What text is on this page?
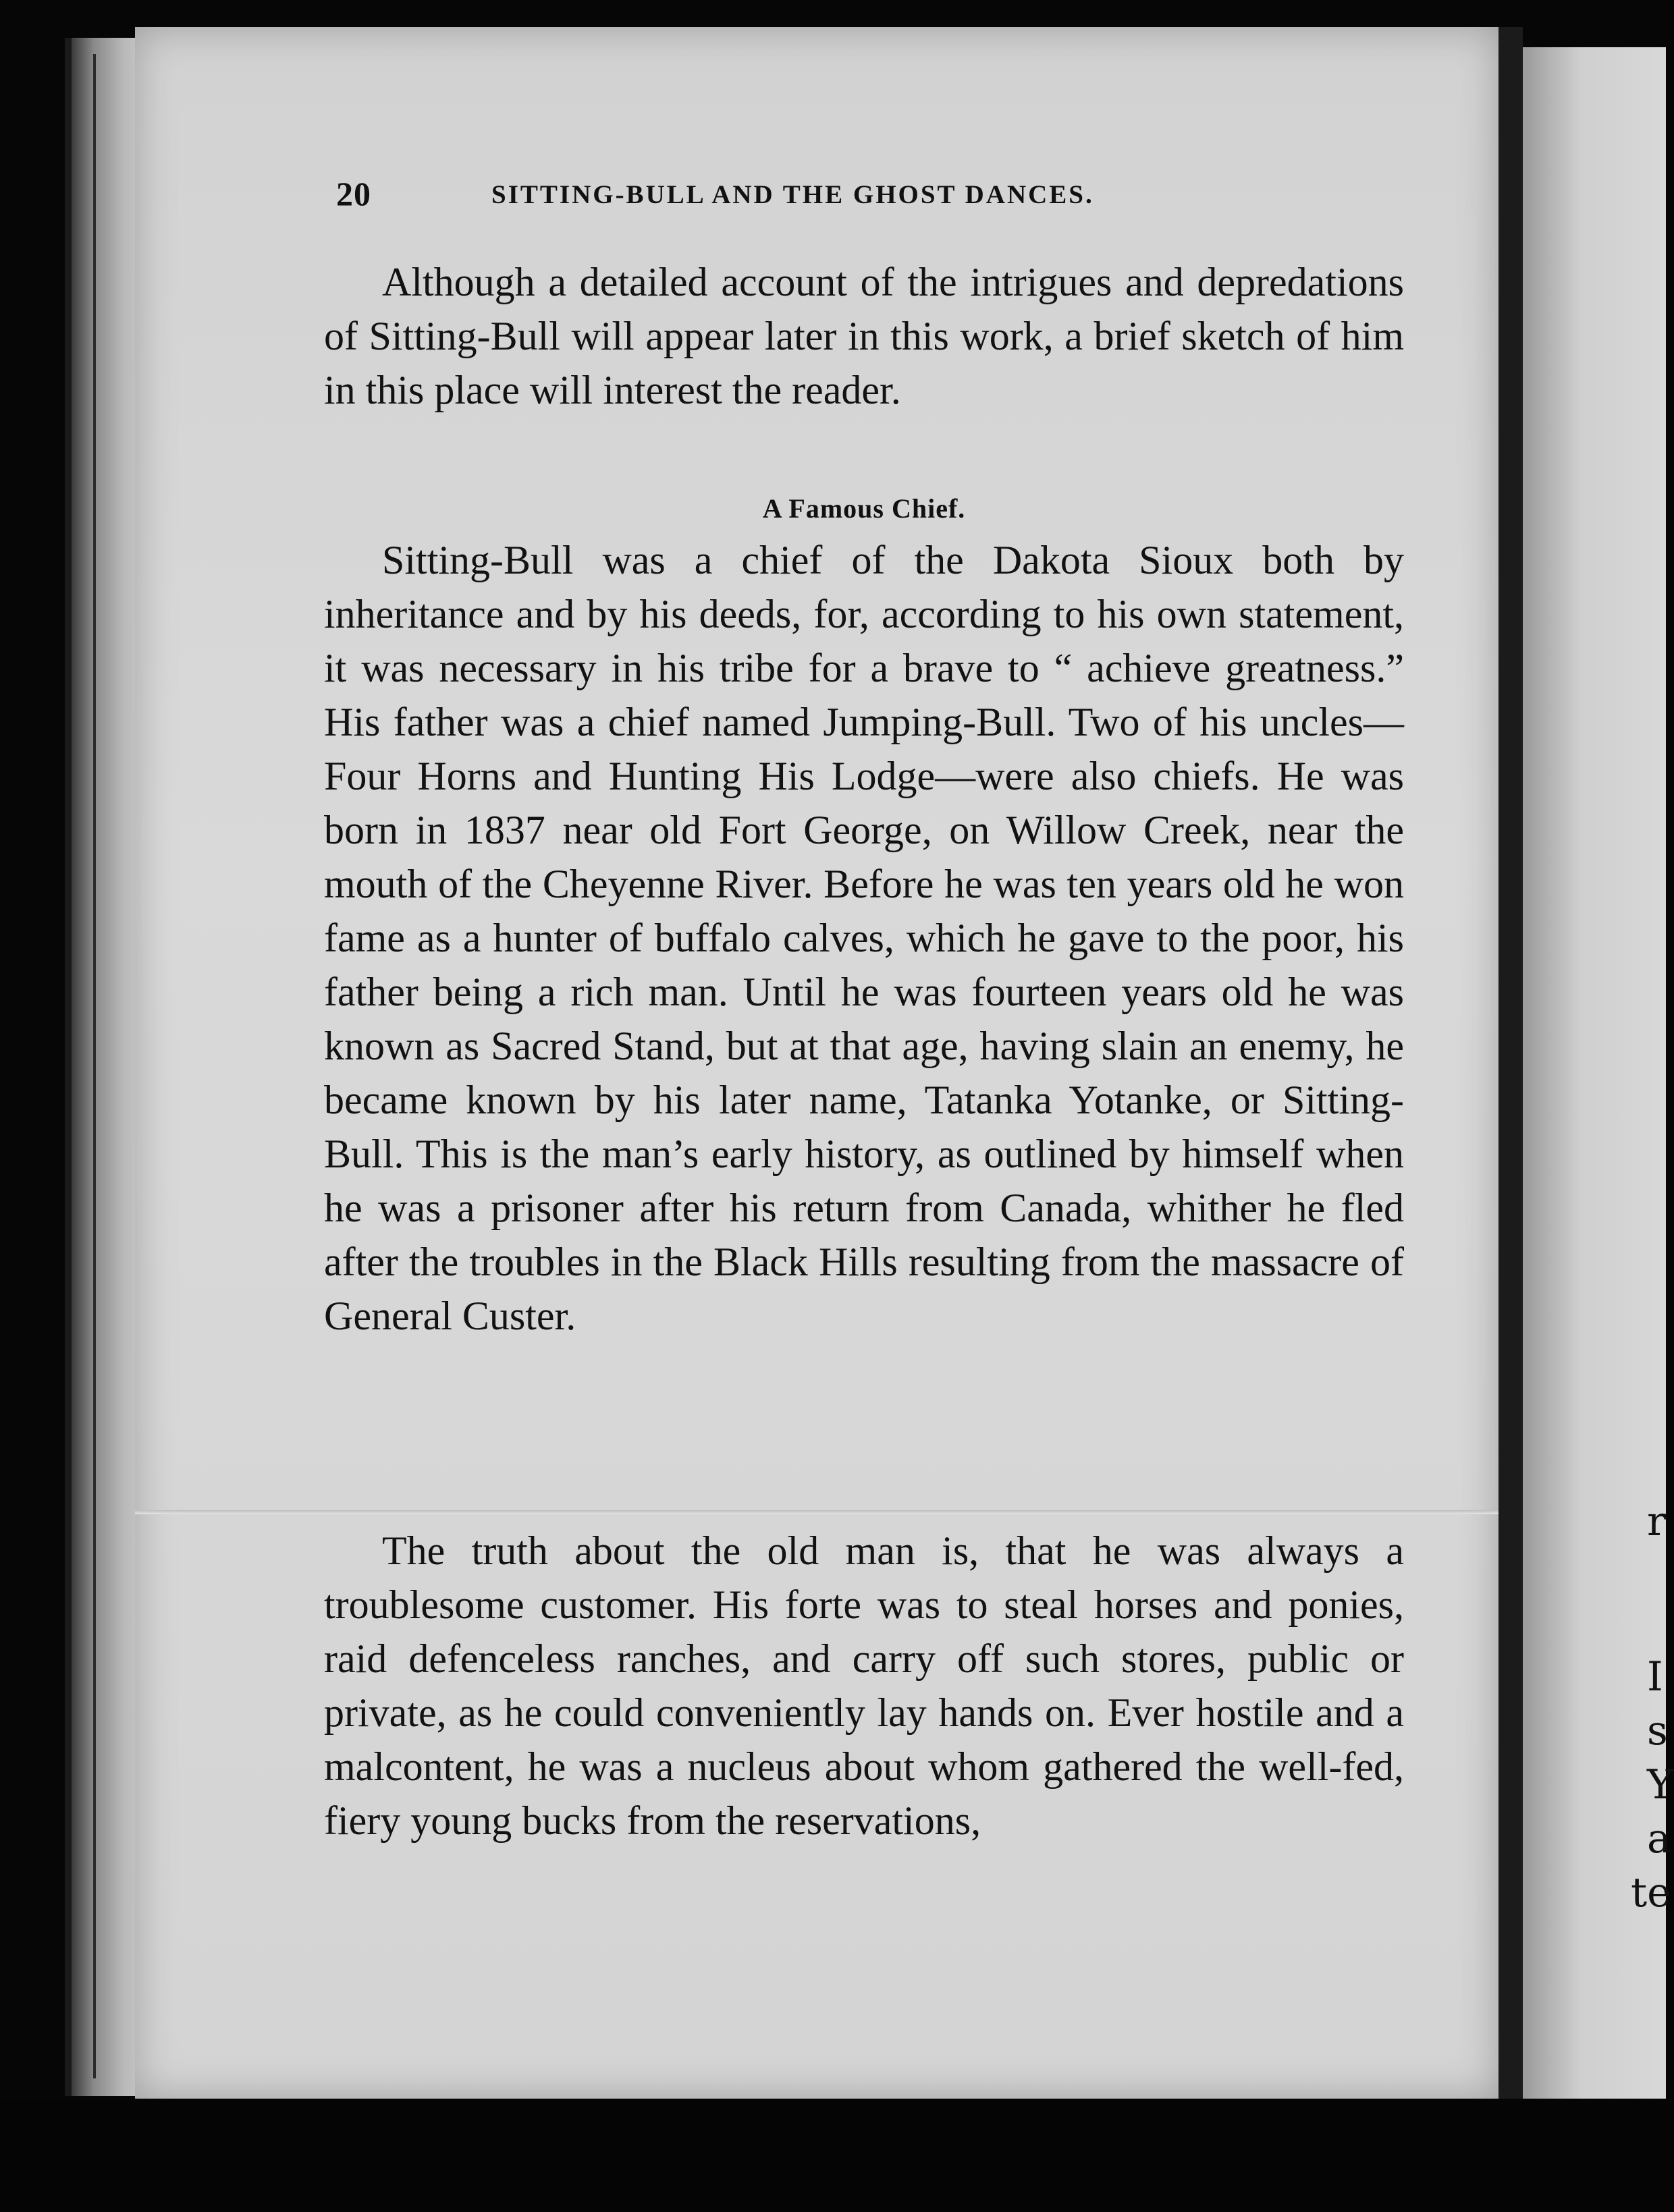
r
I
s
Y
a
te
20	SITTING-BULL AND THE GHOST DANCES.

Although a detailed account of the intrigues and depredations of Sitting-Bull will appear later in this work, a brief sketch of him in this place will interest the reader.

A Famous Chief.

Sitting-Bull was a chief of the Dakota Sioux both by inheritance and by his deeds, for, according to his own statement, it was necessary in his tribe for a brave to “ achieve greatness.” His father was a chief named Jumping-Bull. Two of his uncles—Four Horns and Hunting His Lodge—were also chiefs. He was born in 1837 near old Fort George, on Willow Creek, near the mouth of the Cheyenne River. Before he was ten years old he won fame as a hunter of buffalo calves, which he gave to the poor, his father being a rich man. Until he was fourteen years old he was known as Sacred Stand, but at that age, having slain an enemy, he became known by his later name, Tatanka Yotanke, or Sitting-Bull. This is the man’s early history, as outlined by himself when he was a prisoner after his return from Canada, whither he fled after the troubles in the Black Hills resulting from the massacre of General Custer.

The truth about the old man is, that he was always a troublesome customer. His forte was to steal horses and ponies, raid defenceless ranches, and carry off such stores, public or private, as he could conveniently lay hands on. Ever hostile and a malcontent, he was a nucleus about whom gathered the well-fed, fiery young bucks from the reservations,
